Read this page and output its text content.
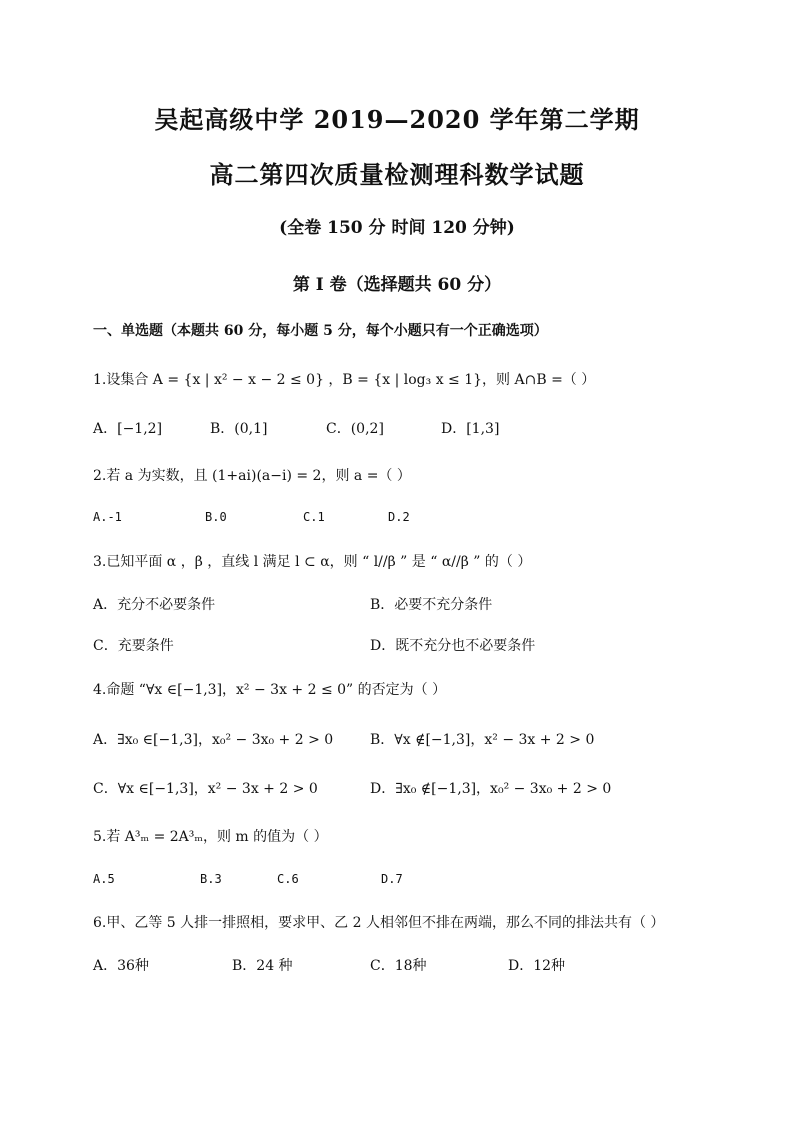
吴起高级中学 2019—2020 学年第二学期
高二第四次质量检测理科数学试题
(全卷 150 分 时间 120 分钟)
第 I 卷（选择题共 60 分）
一、单选题（本题共 60 分，每小题 5 分，每个小题只有一个正确选项）
1.设集合 A = {x | x² − x − 2 ≤ 0} ，B = {x | log₃ x ≤ 1}，则 A∩B =（ ）
A．[−1,2]	B．(0,1]	C．(0,2]	D．[1,3]
2.若 a 为实数，且 (1+ai)(a−i) = 2，则 a =（ ）
A.-1	B.0	C.1	D.2
3.已知平面 α ，β ，直线 l 满足 l ⊂ α，则 “ l//β ” 是 “ α//β ” 的（ ）
A．充分不必要条件	B．必要不充分条件
C．充要条件	D．既不充分也不必要条件
4.命题 “∀x ∈[−1,3]，x² − 3x + 2 ≤ 0” 的否定为（ ）
A．∃x₀ ∈[−1,3]，x₀² − 3x₀ + 2 > 0	B．∀x ∉[−1,3]，x² − 3x + 2 > 0
C．∀x ∈[−1,3]，x² − 3x + 2 > 0	D．∃x₀ ∉[−1,3]，x₀² − 3x₀ + 2 > 0
5.若 A³ₘ = 2A³ₘ，则 m 的值为（ ）
A.5	B.3	C.6	D.7
6.甲、乙等 5 人排一排照相，要求甲、乙 2 人相邻但不排在两端，那么不同的排法共有（ ）
A．36种	B．24 种	C．18种	D．12种
